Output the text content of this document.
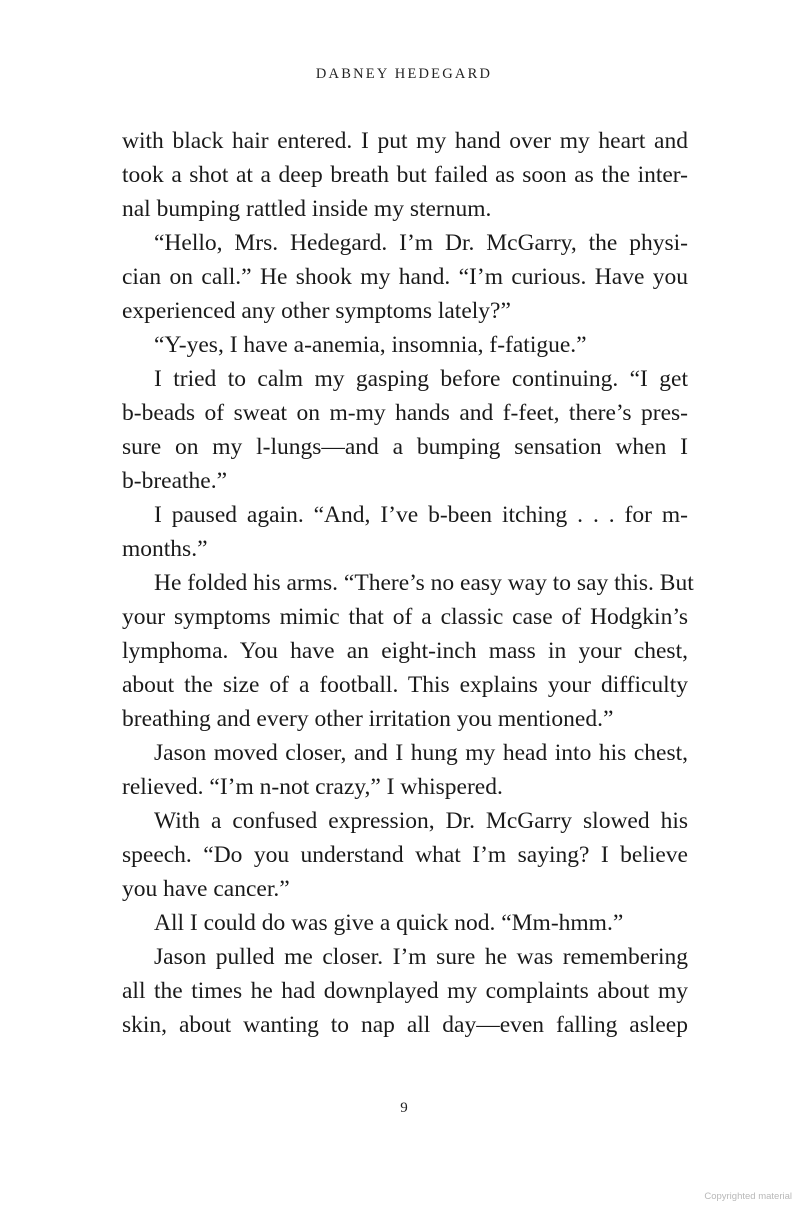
DABNEY HEDEGARD
with black hair entered. I put my hand over my heart and
took a shot at a deep breath but failed as soon as the inter-
nal bumping rattled inside my sternum.
“Hello, Mrs. Hedegard. I’m Dr. McGarry, the physi-
cian on call.” He shook my hand. “I’m curious. Have you
experienced any other symptoms lately?”
“Y-yes, I have a-anemia, insomnia, f-fatigue.”
I tried to calm my gasping before continuing. “I get
b-beads of sweat on m-my hands and f-feet, there’s pres-
sure on my l-lungs—and a bumping sensation when I
b-breathe.”
I paused again. “And, I’ve b-been itching . . . for m-
months.”
He folded his arms. “There’s no easy way to say this. But
your symptoms mimic that of a classic case of Hodgkin’s
lymphoma. You have an eight-inch mass in your chest,
about the size of a football. This explains your difficulty
breathing and every other irritation you mentioned.”
Jason moved closer, and I hung my head into his chest,
relieved. “I’m n-not crazy,” I whispered.
With a confused expression, Dr. McGarry slowed his
speech. “Do you understand what I’m saying? I believe
you have cancer.”
All I could do was give a quick nod. “Mm-hmm.”
Jason pulled me closer. I’m sure he was remembering
all the times he had downplayed my complaints about my
skin, about wanting to nap all day—even falling asleep
9
Copyrighted material
